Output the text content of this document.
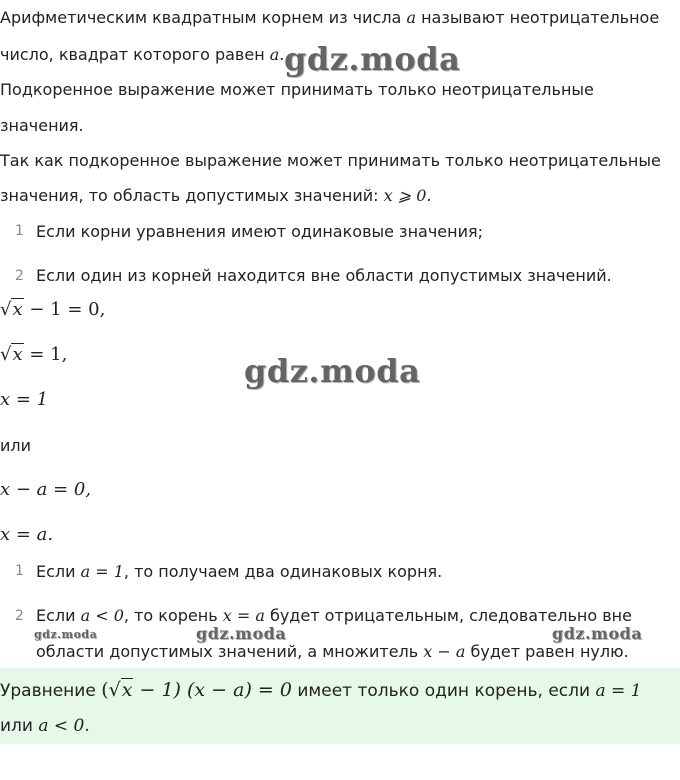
Арифметическим квадратным корнем из числа a называют неотрицательное
число, квадрат которого равен a.
Подкоренное выражение может принимать только неотрицательные
значения.
Так как подкоренное выражение может принимать только неотрицательные
значения, то область допустимых значений: x ⩾ 0.
1 Если корни уравнения имеют одинаковые значения;
2 Если один из корней находится вне области допустимых значений.
√x − 1 = 0,
√x = 1,
x = 1
или
x − a = 0,
x = a.
1 Если a = 1, то получаем два одинаковых корня.
2 Если a < 0, то корень x = a будет отрицательным, следовательно вне
области допустимых значений, а множитель x − a будет равен нулю.
Уравнение (√x − 1) (x − a) = 0 имеет только один корень, если a = 1
или a < 0.
gdz.moda
gdz.moda
gdz.moda	gdz.moda	gdz.moda
